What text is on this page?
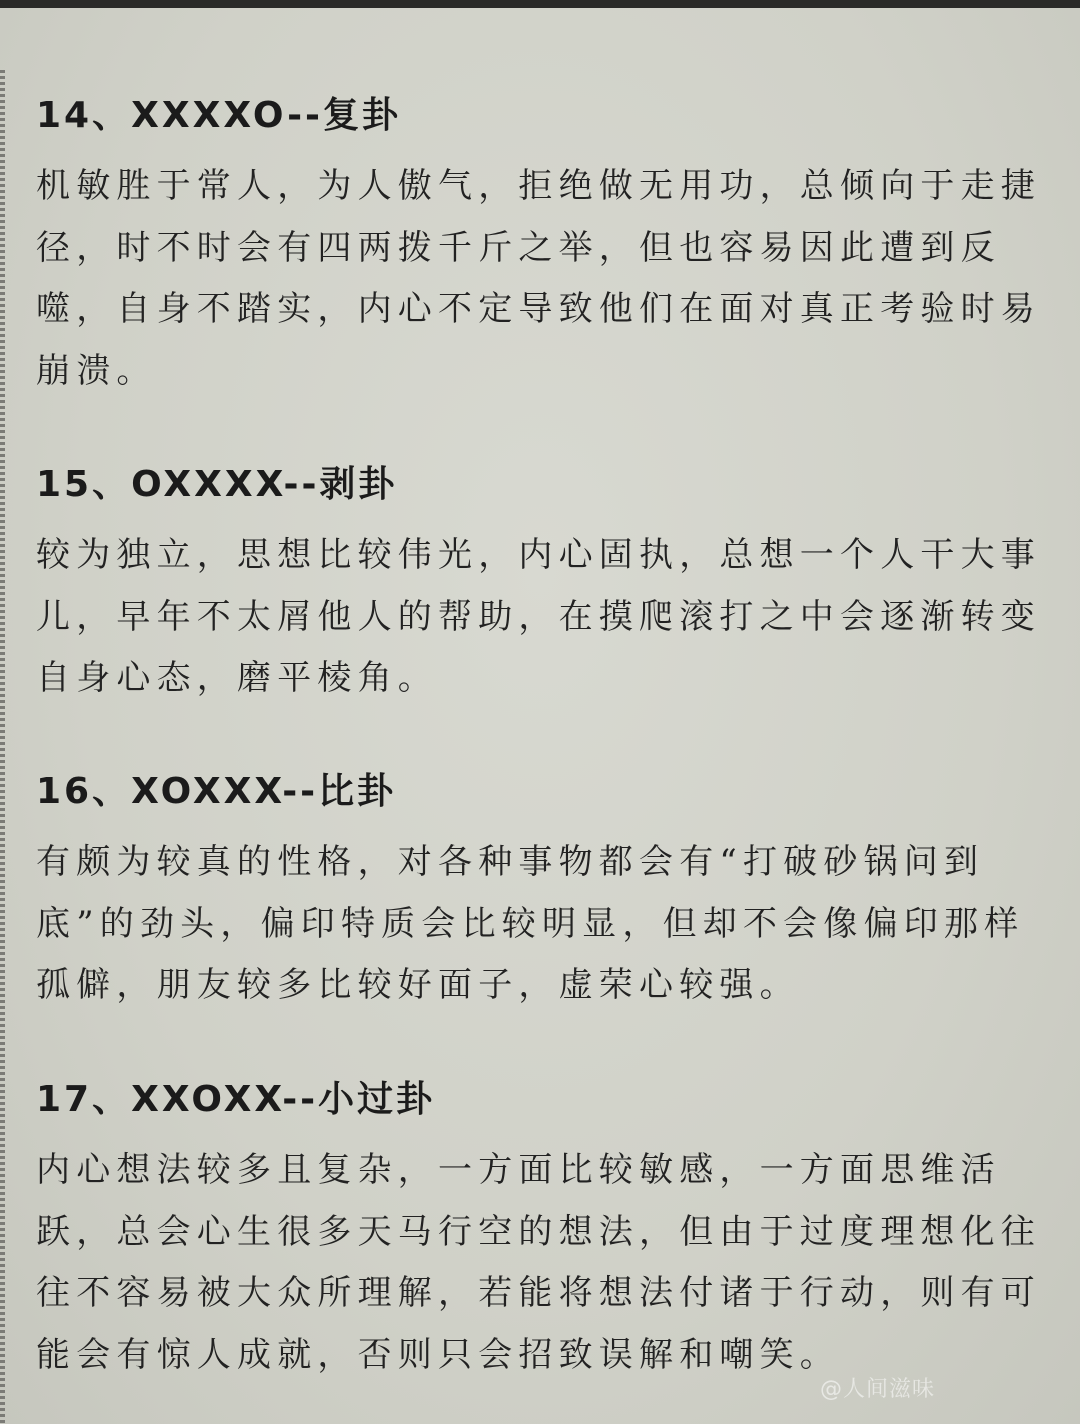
14、XXXXO--复卦

机敏胜于常人，为人傲气，拒绝做无用功，总倾向于走捷径，时不时会有四两拨千斤之举，但也容易因此遭到反噬，自身不踏实，内心不定导致他们在面对真正考验时易崩溃。

15、OXXXX--剥卦

较为独立，思想比较伟光，内心固执，总想一个人干大事儿，早年不太屑他人的帮助，在摸爬滚打之中会逐渐转变自身心态，磨平棱角。

16、XOXXX--比卦

有颇为较真的性格，对各种事物都会有“打破砂锅问到底”的劲头，偏印特质会比较明显，但却不会像偏印那样孤僻，朋友较多比较好面子，虚荣心较强。

17、XXOXX--小过卦

内心想法较多且复杂，一方面比较敏感，一方面思维活跃，总会心生很多天马行空的想法，但由于过度理想化往往不容易被大众所理解，若能将想法付诸于行动，则有可能会有惊人成就，否则只会招致误解和嘲笑。

@人间滋味
